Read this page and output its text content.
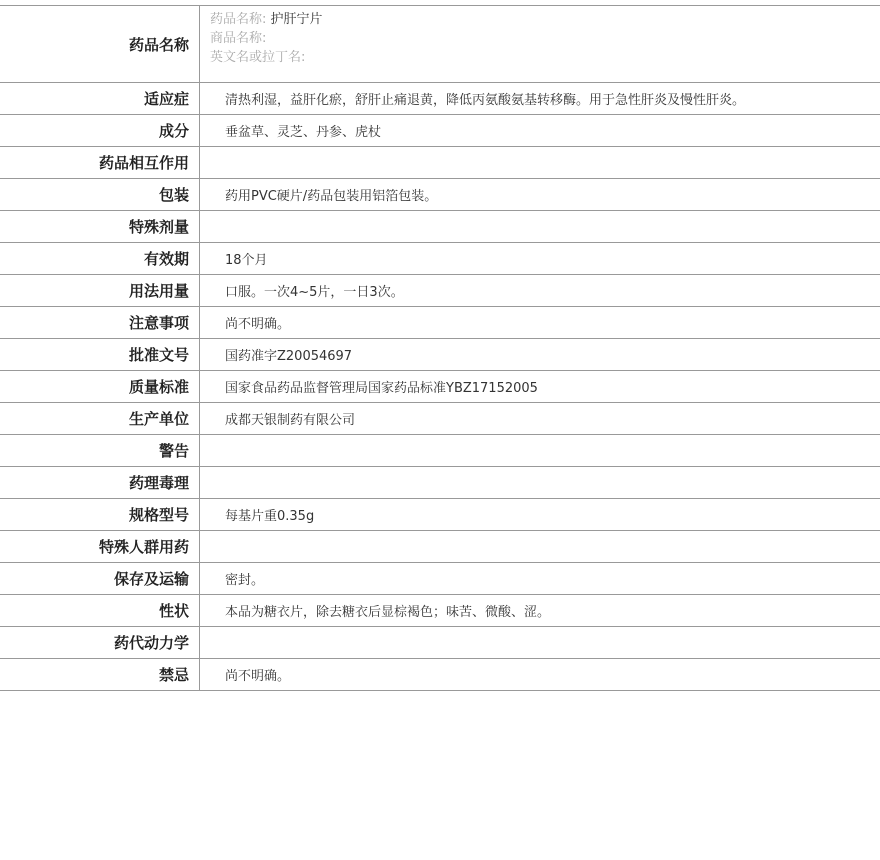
药品名称	药品名称: 护肝宁片
商品名称:
英文名或拉丁名:

适应症	清热利湿，益肝化瘀，舒肝止痛退黄，降低丙氨酸氨基转移酶。用于急性肝炎及慢性肝炎。
成分	垂盆草、灵芝、丹参、虎杖
药品相互作用	
包装	药用PVC硬片/药品包装用铝箔包装。
特殊剂量	
有效期	18个月
用法用量	口服。一次4~5片，一日3次。
注意事项	尚不明确。
批准文号	国药准字Z20054697
质量标准	国家食品药品监督管理局国家药品标准YBZ17152005
生产单位	成都天银制药有限公司
警告	
药理毒理	
规格型号	每基片重0.35g
特殊人群用药	
保存及运输	密封。
性状	本品为糖衣片，除去糖衣后显棕褐色；味苦、微酸、涩。
药代动力学	
禁忌	尚不明确。
